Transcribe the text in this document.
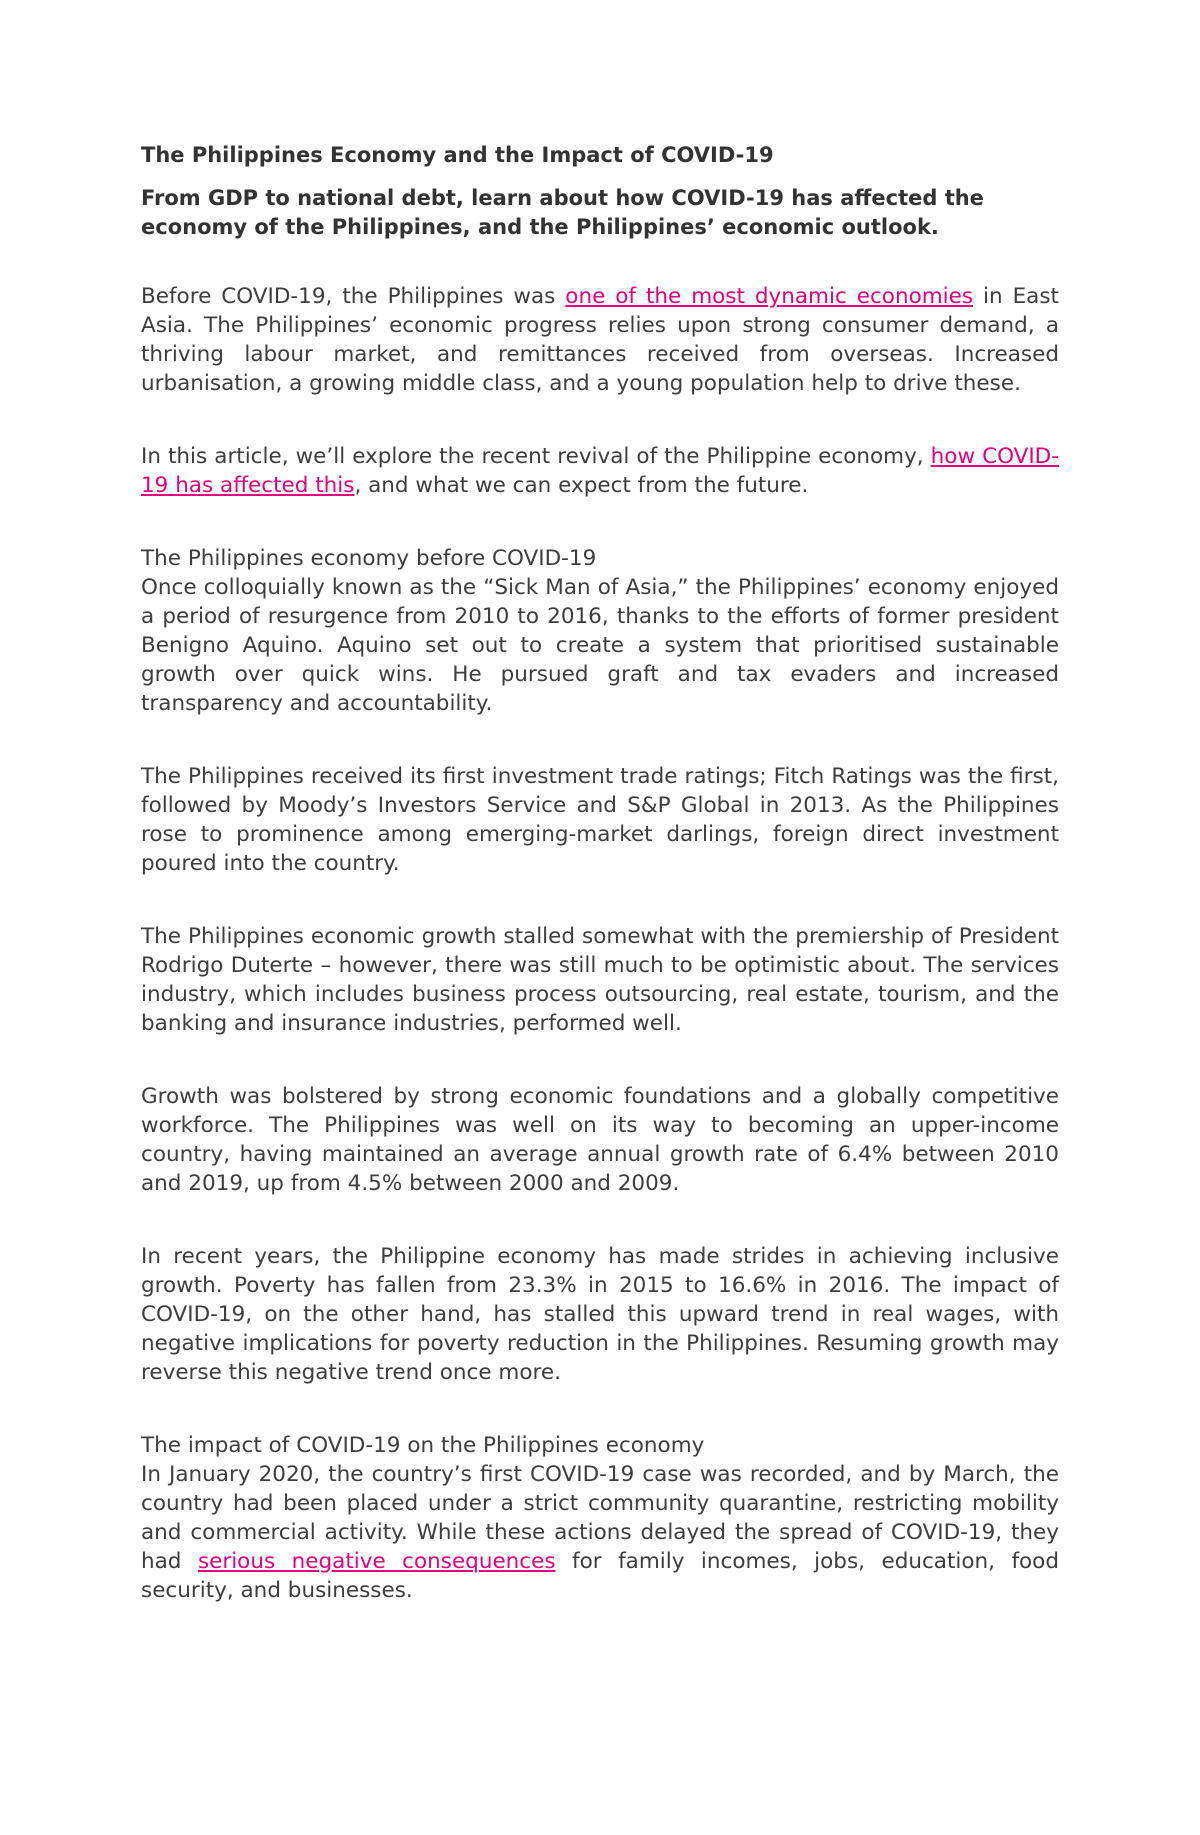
The Philippines Economy and the Impact of COVID-19
From GDP to national debt, learn about how COVID-19 has affected the economy of the Philippines, and the Philippines’ economic outlook.

Before COVID-19, the Philippines was one of the most dynamic economies in East Asia. The Philippines’ economic progress relies upon strong consumer demand, a thriving labour market, and remittances received from overseas. Increased urbanisation, a growing middle class, and a young population help to drive these.

In this article, we’ll explore the recent revival of the Philippine economy, how COVID-19 has affected this, and what we can expect from the future.

The Philippines economy before COVID-19

Once colloquially known as the “Sick Man of Asia,” the Philippines’ economy enjoyed a period of resurgence from 2010 to 2016, thanks to the efforts of former president Benigno Aquino. Aquino set out to create a system that prioritised sustainable growth over quick wins. He pursued graft and tax evaders and increased transparency and accountability.

The Philippines received its first investment trade ratings; Fitch Ratings was the first, followed by Moody’s Investors Service and S&P Global in 2013. As the Philippines rose to prominence among emerging-market darlings, foreign direct investment poured into the country.

The Philippines economic growth stalled somewhat with the premiership of President Rodrigo Duterte – however, there was still much to be optimistic about. The services industry, which includes business process outsourcing, real estate, tourism, and the banking and insurance industries, performed well.

Growth was bolstered by strong economic foundations and a globally competitive workforce. The Philippines was well on its way to becoming an upper-income country, having maintained an average annual growth rate of 6.4% between 2010 and 2019, up from 4.5% between 2000 and 2009.

In recent years, the Philippine economy has made strides in achieving inclusive growth. Poverty has fallen from 23.3% in 2015 to 16.6% in 2016. The impact of COVID-19, on the other hand, has stalled this upward trend in real wages, with negative implications for poverty reduction in the Philippines. Resuming growth may reverse this negative trend once more.

The impact of COVID-19 on the Philippines economy

In January 2020, the country’s first COVID-19 case was recorded, and by March, the country had been placed under a strict community quarantine, restricting mobility and commercial activity. While these actions delayed the spread of COVID-19, they had serious negative consequences for family incomes, jobs, education, food security, and businesses.
